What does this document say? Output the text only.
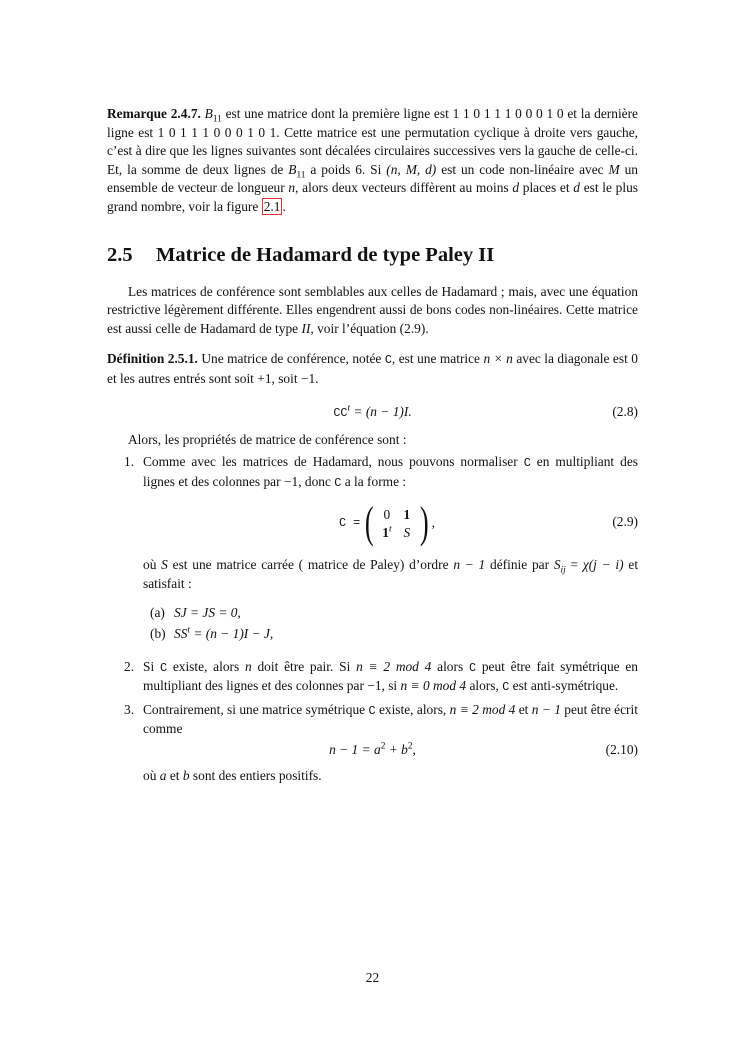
Remarque 2.4.7. $B_{11}$ est une matrice dont la première ligne est 1 1 0 1 1 1 0 0 0 1 0 et la dernière ligne est 1 0 1 1 1 0 0 0 1 0 1. Cette matrice est une permutation cyclique à droite vers gauche, c’est à dire que les lignes suivantes sont décalées circulaires successives vers la gauche de celle-ci. Et, la somme de deux lignes de $B_{11}$ a poids 6. Si (n, M, d) est un code non-linéaire avec M un ensemble de vecteur de longueur n, alors deux vecteurs diffèrent au moins d places et d est le plus grand nombre, voir la figure 2.1 .

2.5 Matrice de Hadamard de type Paley II

Les matrices de conférence sont semblables aux celles de Hadamard ; mais, avec une équation restrictive légèrement différente. Elles engendrent aussi de bons codes non-linéaires. Cette matrice est aussi celle de Hadamard de type II, voir l’équation (2.9).

Définition 2.5.1. Une matrice de conférence, notée C, est une matrice n × n avec la diagonale est 0 et les autres entrés sont soit +1, soit −1.

$CC^t = (n - 1)I$.	(2.8)

Alors, les propriétés de matrice de conférence sont :

1. Comme avec les matrices de Hadamard, nous pouvons normaliser C en multipliant des lignes et des colonnes par −1, donc C a la forme :

C = ( 0 1
1$^t$ S ) ,	(2.9)

où S est une matrice carrée ( matrice de Paley) d’ordre n − 1 définie par $S_{ij} = \chi(j - i)$ et satisfait :

(a) SJ = JS = 0,
(b) $SS^t = (n - 1)I - J$,
2. Si C existe, alors n doit être pair. Si n ≡ 2 mod 4 alors C peut être fait symétrique en multipliant des lignes et des colonnes par −1, si n ≡ 0 mod 4 alors, C est anti-symétrique.

3. Contrairement, si une matrice symétrique C existe, alors, n ≡ 2 mod 4 et n − 1 peut être écrit comme

$n - 1 = a^2 + b^2$,	(2.10)

où a et b sont des entiers positifs.

22
